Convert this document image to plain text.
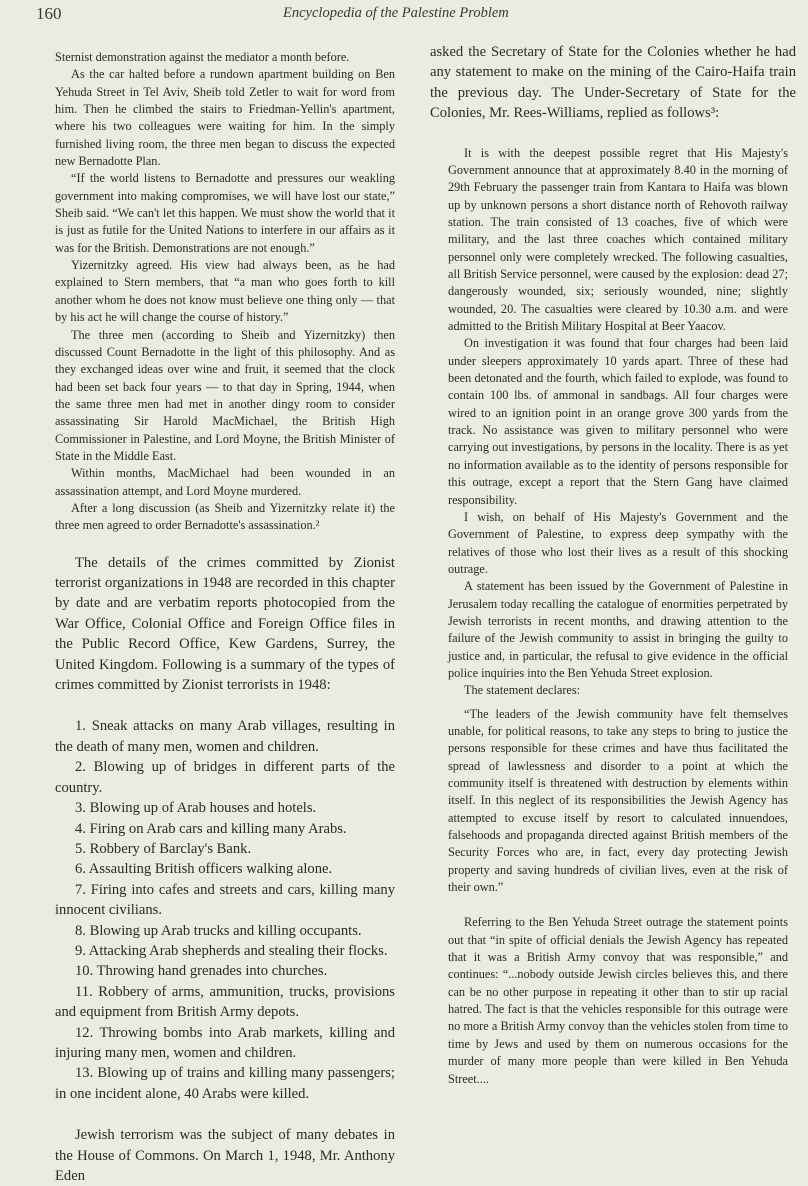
160	Encyclopedia of the Palestine Problem

Sternist demonstration against the mediator a month before.

As the car halted before a rundown apartment building on Ben Yehuda Street in Tel Aviv, Sheib told Zetler to wait for word from him. Then he climbed the stairs to Friedman-Yellin's apartment, where his two colleagues were waiting for him. In the simply furnished living room, the three men began to discuss the expected new Bernadotte Plan.

“If the world listens to Bernadotte and pressures our weakling government into making compromises, we will have lost our state,” Sheib said. “We can't let this happen. We must show the world that it is just as futile for the United Nations to interfere in our affairs as it was for the British. Demonstrations are not enough.”

Yizernitzky agreed. His view had always been, as he had explained to Stern members, that “a man who goes forth to kill another whom he does not know must believe one thing only — that by his act he will change the course of history.”

The three men (according to Sheib and Yizernitzky) then discussed Count Bernadotte in the light of this philosophy. And as they exchanged ideas over wine and fruit, it seemed that the clock had been set back four years — to that day in Spring, 1944, when the same three men had met in another dingy room to consider assassinating Sir Harold MacMichael, the British High Commissioner in Palestine, and Lord Moyne, the British Minister of State in the Middle East.

Within months, MacMichael had been wounded in an assassination attempt, and Lord Moyne murdered.

After a long discussion (as Sheib and Yizernitzky relate it) the three men agreed to order Bernadotte's assassination.²

The details of the crimes committed by Zionist terrorist organizations in 1948 are recorded in this chapter by date and are verbatim reports photocopied from the War Office, Colonial Office and Foreign Office files in the Public Record Office, Kew Gardens, Surrey, the United Kingdom. Following is a summary of the types of crimes committed by Zionist terrorists in 1948:

1. Sneak attacks on many Arab villages, resulting in the death of many men, women and children.

2. Blowing up of bridges in different parts of the country.

3. Blowing up of Arab houses and hotels.

4. Firing on Arab cars and killing many Arabs.

5. Robbery of Barclay's Bank.

6. Assaulting British officers walking alone.

7. Firing into cafes and streets and cars, killing many innocent civilians.

8. Blowing up Arab trucks and killing occupants.

9. Attacking Arab shepherds and stealing their flocks.

10. Throwing hand grenades into churches.

11. Robbery of arms, ammunition, trucks, provisions and equipment from British Army depots.

12. Throwing bombs into Arab markets, killing and injuring many men, women and children.

13. Blowing up of trains and killing many passengers; in one incident alone, 40 Arabs were killed.

Jewish terrorism was the subject of many debates in the House of Commons. On March 1, 1948, Mr. Anthony Eden

asked the Secretary of State for the Colonies whether he had any statement to make on the mining of the Cairo-Haifa train the previous day. The Under-Secretary of State for the Colonies, Mr. Rees-Williams, replied as follows³:

It is with the deepest possible regret that His Majesty's Government announce that at approximately 8.40 in the morning of 29th February the passenger train from Kantara to Haifa was blown up by unknown persons a short distance north of Rehovoth railway station. The train consisted of 13 coaches, five of which were military, and the last three coaches which contained military personnel only were completely wrecked. The following casualties, all British Service personnel, were caused by the explosion: dead 27; dangerously wounded, six; seriously wounded, nine; slightly wounded, 20. The casualties were cleared by 10.30 a.m. and were admitted to the British Military Hospital at Beer Yaacov.

On investigation it was found that four charges had been laid under sleepers approximately 10 yards apart. Three of these had been detonated and the fourth, which failed to explode, was found to contain 100 lbs. of ammonal in sandbags. All four charges were wired to an ignition point in an orange grove 300 yards from the track. No assistance was given to military personnel who were carrying out investigations, by persons in the locality. There is as yet no information available as to the identity of persons responsible for this outrage, except a report that the Stern Gang have claimed responsibility.

I wish, on behalf of His Majesty's Government and the Government of Palestine, to express deep sympathy with the relatives of those who lost their lives as a result of this shocking outrage.

A statement has been issued by the Government of Palestine in Jerusalem today recalling the catalogue of enormities perpetrated by Jewish terrorists in recent months, and drawing attention to the failure of the Jewish community to assist in bringing the guilty to justice and, in particular, the refusal to give evidence in the official police inquiries into the Ben Yehuda Street explosion.

The statement declares:

“The leaders of the Jewish community have felt themselves unable, for political reasons, to take any steps to bring to justice the persons responsible for these crimes and have thus facilitated the spread of lawlessness and disorder to a point at which the community itself is threatened with destruction by elements within itself. In this neglect of its responsibilities the Jewish Agency has attempted to excuse itself by resort to calculated innuendoes, falsehoods and propaganda directed against British members of the Security Forces who are, in fact, every day protecting Jewish property and saving hundreds of civilian lives, even at the risk of their own.”

Referring to the Ben Yehuda Street outrage the statement points out that “in spite of official denials the Jewish Agency has repeated that it was a British Army convoy that was responsible,” and continues: “...nobody outside Jewish circles believes this, and there can be no other purpose in repeating it other than to stir up racial hatred. The fact is that the vehicles responsible for this outrage were no more a British Army convoy than the vehicles stolen from time to time by Jews and used by them on numerous occasions for the murder of many more people than were killed in Ben Yehuda Street....
